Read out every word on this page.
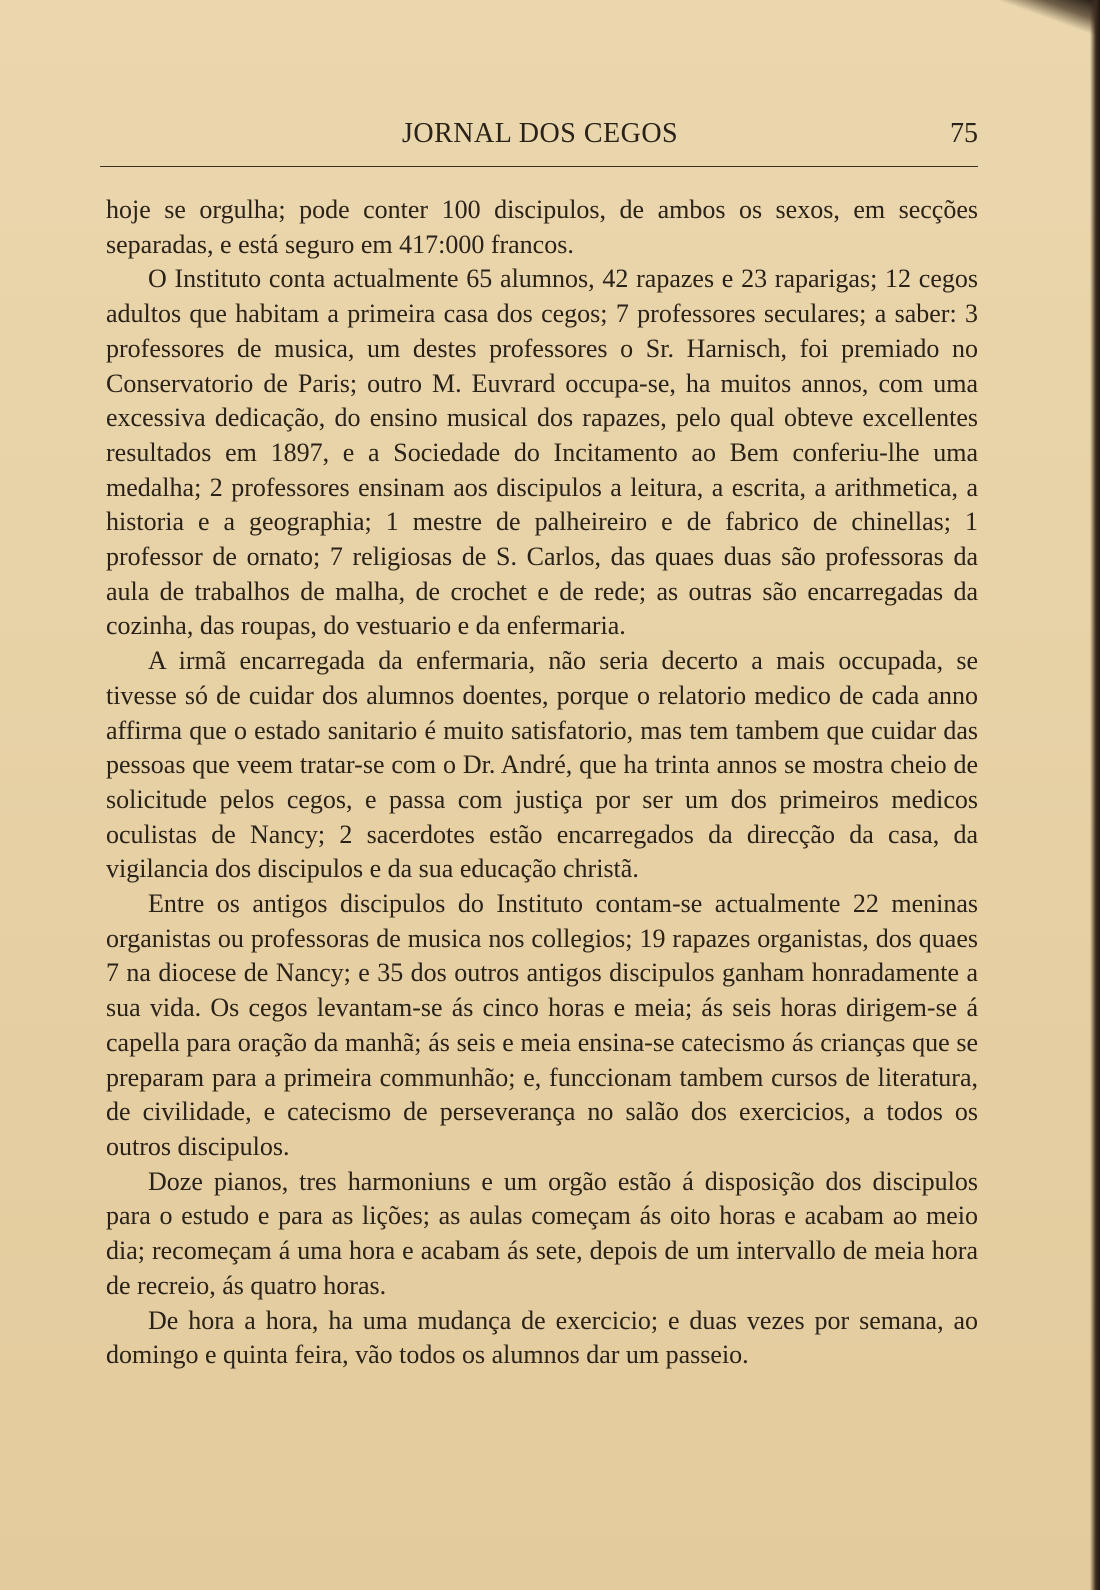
JORNAL DOS CEGOS	75

hoje se orgulha; pode conter 100 discipulos, de ambos os sexos, em secções separadas, e está seguro em 417:000 francos.

O Instituto conta actualmente 65 alumnos, 42 rapazes e 23 raparigas; 12 cegos adultos que habitam a primeira casa dos cegos; 7 professores seculares; a saber: 3 professores de musica, um destes professores o Sr. Harnisch, foi premiado no Conservatorio de Paris; outro M. Euvrard occupa-se, ha muitos annos, com uma excessiva dedicação, do ensino musical dos rapazes, pelo qual obteve excellentes resultados em 1897, e a Sociedade do Incitamento ao Bem conferiu-lhe uma medalha; 2 professores ensinam aos discipulos a leitura, a escrita, a arithmetica, a historia e a geographia; 1 mestre de palheireiro e de fabrico de chinellas; 1 professor de ornato; 7 religiosas de S. Carlos, das quaes duas são professoras da aula de trabalhos de malha, de crochet e de rede; as outras são encarregadas da cozinha, das roupas, do vestuario e da enfermaria.

A irmã encarregada da enfermaria, não seria decerto a mais occupada, se tivesse só de cuidar dos alumnos doentes, porque o relatorio medico de cada anno affirma que o estado sanitario é muito satisfatorio, mas tem tambem que cuidar das pessoas que veem tratar-se com o Dr. André, que ha trinta annos se mostra cheio de solicitude pelos cegos, e passa com justiça por ser um dos primeiros medicos oculistas de Nancy; 2 sacerdotes estão encarregados da direcção da casa, da vigilancia dos discipulos e da sua educação christã.

Entre os antigos discipulos do Instituto contam-se actualmente 22 meninas organistas ou professoras de musica nos collegios; 19 rapazes organistas, dos quaes 7 na diocese de Nancy; e 35 dos outros antigos discipulos ganham honradamente a sua vida. Os cegos levantam-se ás cinco horas e meia; ás seis horas dirigem-se á capella para oração da manhã; ás seis e meia ensina-se catecismo ás crianças que se preparam para a primeira communhão; e, funccionam tambem cursos de literatura, de civilidade, e catecismo de perseverança no salão dos exercicios, a todos os outros discipulos.

Doze pianos, tres harmoniuns e um orgão estão á disposição dos discipulos para o estudo e para as lições; as aulas começam ás oito horas e acabam ao meio dia; recomeçam á uma hora e acabam ás sete, depois de um intervallo de meia hora de recreio, ás quatro horas.

De hora a hora, ha uma mudança de exercicio; e duas vezes por semana, ao domingo e quinta feira, vão todos os alumnos dar um passeio.
